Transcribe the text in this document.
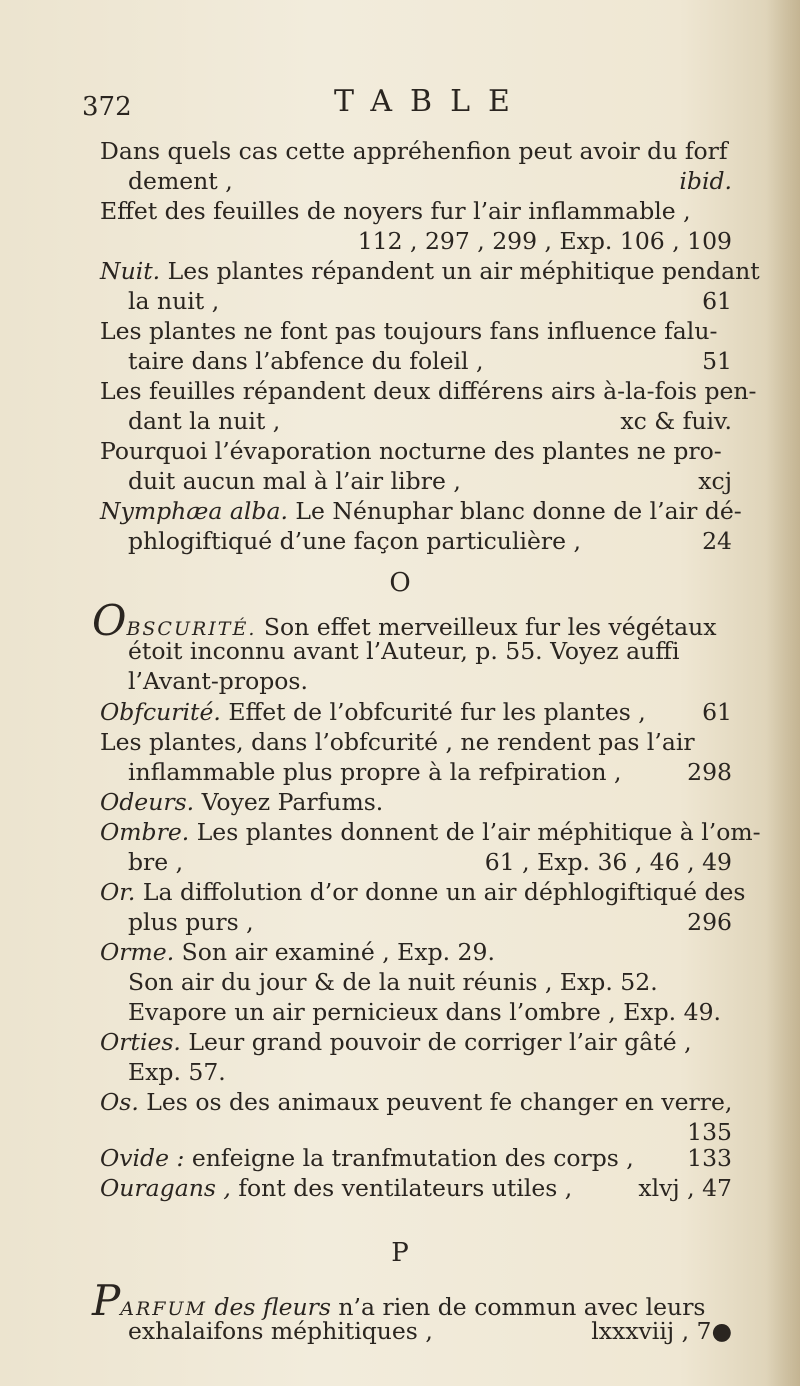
372	TABLE
Dans quels cas cette appréhenfion peut avoir du forf
dement ,	ibid.
Effet des feuilles de noyers fur l’air inflammable ,
112 , 297 , 299 , Exp. 106 , 109
Nuit. Les plantes répandent un air méphitique pendant
la nuit ,	61
Les plantes ne font pas toujours fans influence falu-
taire dans l’abfence du foleil ,	51
Les feuilles répandent deux différens airs à-la-fois pen-
dant la nuit ,	xc & fuiv.
Pourquoi l’évaporation nocturne des plantes ne pro-
duit aucun mal à l’air libre ,	xcj
Nymphæa alba. Le Nénuphar blanc donne de l’air dé-
phlogiftiqué d’une façon particulière ,	24
O
OBSCURITÉ. Son effet merveilleux fur les végétaux
étoit inconnu avant l’Auteur, p. 55. Voyez auffi
l’Avant-propos.
Obfcurité. Effet de l’obfcurité fur les plantes , 61
Les plantes, dans l’obfcurité , ne rendent pas l’air
inflammable plus propre à la refpiration ,	298
Odeurs. Voyez Parfums.
Ombre. Les plantes donnent de l’air méphitique à l’om-
bre ,	61 , Exp. 36 , 46 , 49
Or. La diffolution d’or donne un air déphlogiftiqué des
plus purs ,	296
Orme. Son air examiné , Exp. 29.
Son air du jour & de la nuit réunis , Exp. 52.
Evapore un air pernicieux dans l’ombre , Exp. 49.
Orties. Leur grand pouvoir de corriger l’air gâté ,
Exp. 57.
Os. Les os des animaux peuvent fe changer en verre,
135
Ovide : enfeigne la tranfmutation des corps , 133
Ouragans , font des ventilateurs utiles ,	xlvj , 47
P
PARFUM des fleurs n’a rien de commun avec leurs
exhalaifons méphitiques ,	lxxxviij , 7●
